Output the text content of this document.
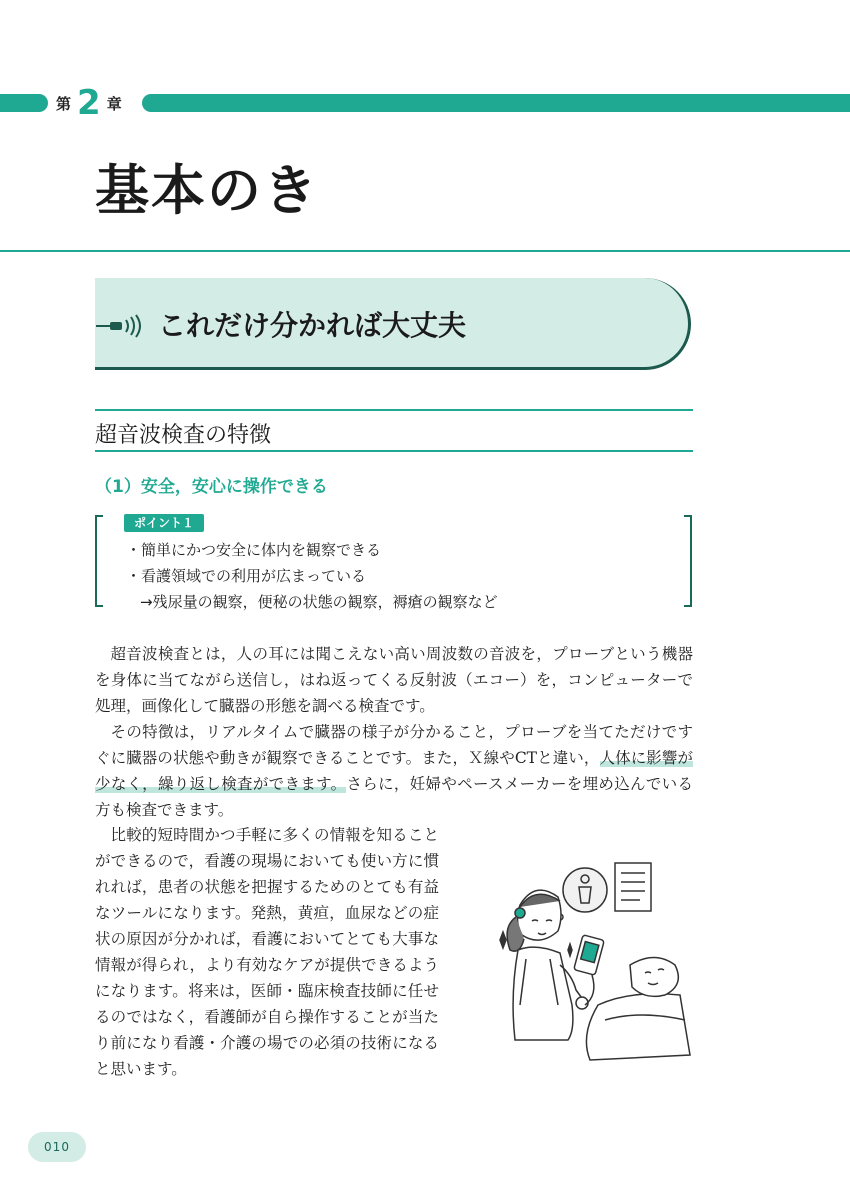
第 2 章
基本のき
これだけ分かれば大丈夫
超音波検査の特徴
（1）安全，安心に操作できる
ポイント１
・簡単にかつ安全に体内を観察できる
・看護領域での利用が広まっている
→残尿量の観察，便秘の状態の観察，褥瘡の観察など
超音波検査とは，人の耳には聞こえない高い周波数の音波を，プローブという機器を身体に当てながら送信し，はね返ってくる反射波（エコー）を，コンピューターで処理，画像化して臓器の形態を調べる検査です。
その特徴は，リアルタイムで臓器の様子が分かること，プローブを当てただけですぐに臓器の状態や動きが観察できることです。また，Ｘ線やCTと違い，人体に影響が少なく，繰り返し検査ができます。さらに，妊婦やペースメーカーを埋め込んでいる方も検査できます。
比較的短時間かつ手軽に多くの情報を知ることができるので，看護の現場においても使い方に慣れれば，患者の状態を把握するためのとても有益なツールになります。発熱，黄疸，血尿などの症状の原因が分かれば，看護においてとても大事な情報が得られ，より有効なケアが提供できるようになります。将来は，医師・臨床検査技師に任せるのではなく，看護師が自ら操作することが当たり前になり看護・介護の場での必須の技術になると思います。
010
